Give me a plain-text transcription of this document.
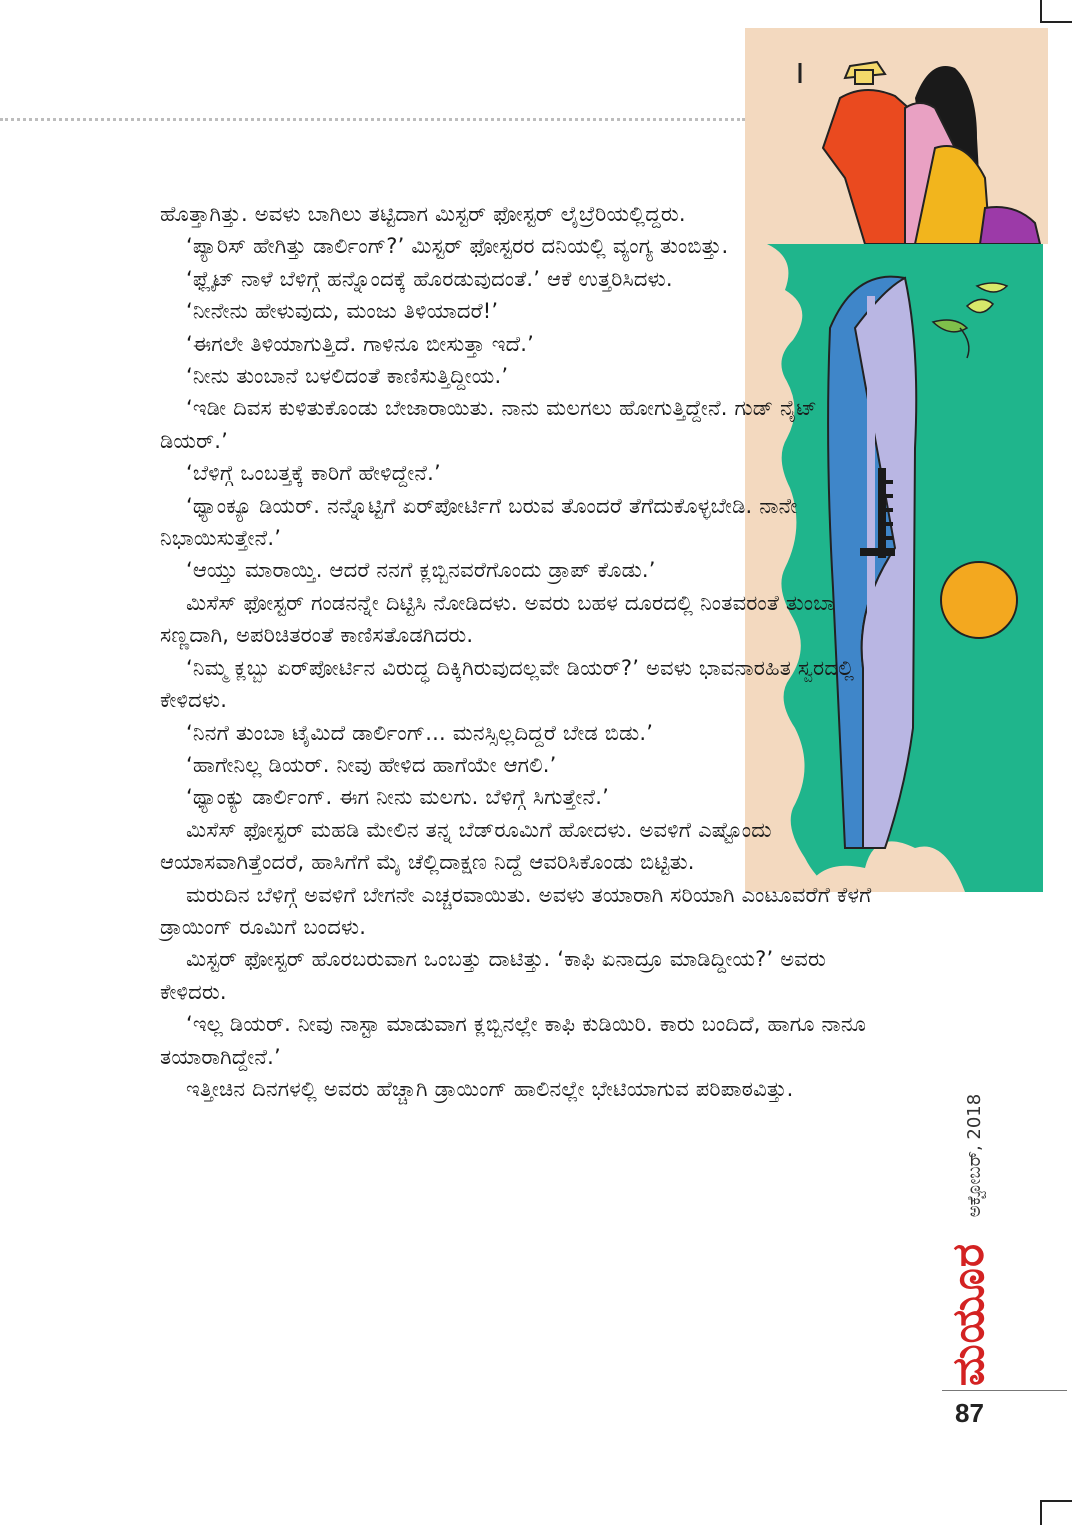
ಹೊತ್ತಾಗಿತ್ತು. ಅವಳು ಬಾಗಿಲು ತಟ್ಟಿದಾಗ ಮಿಸ್ಟರ್ ಫೋಸ್ಟರ್ ಲೈಬ್ರೆರಿಯಲ್ಲಿದ್ದರು.

‘ಪ್ಯಾರಿಸ್ ಹೇಗಿತ್ತು ಡಾರ್ಲಿಂಗ್?’ ಮಿಸ್ಟರ್ ಫೋಸ್ಟರರ ದನಿಯಲ್ಲಿ ವ್ಯಂಗ್ಯ ತುಂಬಿತ್ತು.

‘ಫ್ಲೈಟ್ ನಾಳೆ ಬೆಳಿಗ್ಗೆ ಹನ್ನೊಂದಕ್ಕೆ ಹೊರಡುವುದಂತೆ.’ ಆಕೆ ಉತ್ತರಿಸಿದಳು.

‘ನೀನೇನು ಹೇಳುವುದು, ಮಂಜು ತಿಳಿಯಾದರೆ!’

‘ಈಗಲೇ ತಿಳಿಯಾಗುತ್ತಿದೆ. ಗಾಳಿನೂ ಬೀಸುತ್ತಾ ಇದೆ.’

‘ನೀನು ತುಂಬಾನೆ ಬಳಲಿದಂತೆ ಕಾಣಿಸುತ್ತಿದ್ದೀಯ.’

‘ಇಡೀ ದಿವಸ ಕುಳಿತುಕೊಂಡು ಬೇಜಾರಾಯಿತು. ನಾನು ಮಲಗಲು ಹೋಗುತ್ತಿದ್ದೇನೆ. ಗುಡ್ ನೈಟ್ ಡಿಯರ್.’

‘ಬೆಳಿಗ್ಗೆ ಒಂಬತ್ತಕ್ಕೆ ಕಾರಿಗೆ ಹೇಳಿದ್ದೇನೆ.’

‘ಥ್ಯಾಂಕ್ಯೂ ಡಿಯರ್. ನನ್ನೊಟ್ಟಿಗೆ ಏರ್‌ಪೋರ್ಟಿಗೆ ಬರುವ ತೊಂದರೆ ತೆಗೆದುಕೊಳ್ಳಬೇಡಿ. ನಾನೇ ನಿಭಾಯಿಸುತ್ತೇನೆ.’

‘ಆಯ್ತು ಮಾರಾಯ್ತಿ. ಆದರೆ ನನಗೆ ಕ್ಲಬ್ಬಿನವರೆಗೊಂದು ಡ್ರಾಪ್ ಕೊಡು.’

ಮಿಸೆಸ್ ಫೋಸ್ಟರ್ ಗಂಡನನ್ನೇ ದಿಟ್ಟಿಸಿ ನೋಡಿದಳು. ಅವರು ಬಹಳ ದೂರದಲ್ಲಿ ನಿಂತವರಂತೆ ತುಂಬಾ ಸಣ್ಣದಾಗಿ, ಅಪರಿಚಿತರಂತೆ ಕಾಣಿಸತೊಡಗಿದರು.

‘ನಿಮ್ಮ ಕ್ಲಬ್ಬು ಏರ್‌ಪೋರ್ಟಿನ ವಿರುದ್ಧ ದಿಕ್ಕಿಗಿರುವುದಲ್ಲವೇ ಡಿಯರ್?’ ಅವಳು ಭಾವನಾರಹಿತ ಸ್ವರದಲ್ಲಿ ಕೇಳಿದಳು.

‘ನಿನಗೆ ತುಂಬಾ ಟೈಮಿದೆ ಡಾರ್ಲಿಂಗ್... ಮನಸ್ಸಿಲ್ಲದಿದ್ದರೆ ಬೇಡ ಬಿಡು.’

‘ಹಾಗೇನಿಲ್ಲ ಡಿಯರ್. ನೀವು ಹೇಳಿದ ಹಾಗೆಯೇ ಆಗಲಿ.’

‘ಥ್ಯಾಂಕ್ಯು ಡಾರ್ಲಿಂಗ್. ಈಗ ನೀನು ಮಲಗು. ಬೆಳಿಗ್ಗೆ ಸಿಗುತ್ತೇನೆ.’

ಮಿಸೆಸ್ ಫೋಸ್ಟರ್ ಮಹಡಿ ಮೇಲಿನ ತನ್ನ ಬೆಡ್‌ರೂಮಿಗೆ ಹೋದಳು. ಅವಳಿಗೆ ಎಷ್ಟೊಂದು ಆಯಾಸವಾಗಿತ್ತೆಂದರೆ, ಹಾಸಿಗೆಗೆ ಮೈ ಚೆಲ್ಲಿದಾಕ್ಷಣ ನಿದ್ದೆ ಆವರಿಸಿಕೊಂಡು ಬಿಟ್ಟಿತು.

ಮರುದಿನ ಬೆಳಿಗ್ಗೆ ಅವಳಿಗೆ ಬೇಗನೇ ಎಚ್ಚರವಾಯಿತು. ಅವಳು ತಯಾರಾಗಿ ಸರಿಯಾಗಿ ಎಂಟೂವರೆಗೆ ಕೆಳಗೆ ಡ್ರಾಯಿಂಗ್ ರೂಮಿಗೆ ಬಂದಳು.

ಮಿಸ್ಟರ್ ಫೋಸ್ಟರ್ ಹೊರಬರುವಾಗ ಒಂಬತ್ತು ದಾಟಿತ್ತು. ‘ಕಾಫಿ ಏನಾದ್ರೂ ಮಾಡಿದ್ದೀಯ?’ ಅವರು ಕೇಳಿದರು.

‘ಇಲ್ಲ ಡಿಯರ್. ನೀವು ನಾಸ್ಟಾ ಮಾಡುವಾಗ ಕ್ಲಬ್ಬಿನಲ್ಲೇ ಕಾಫಿ ಕುಡಿಯಿರಿ. ಕಾರು ಬಂದಿದೆ, ಹಾಗೂ ನಾನೂ ತಯಾರಾಗಿದ್ದೇನೆ.’

ಇತ್ತೀಚಿನ ದಿನಗಳಲ್ಲಿ ಅವರು ಹೆಚ್ಚಾಗಿ ಡ್ರಾಯಿಂಗ್ ಹಾಲಿನಲ್ಲೇ ಭೇಟಿಯಾಗುವ ಪರಿಪಾಠವಿತ್ತು.

ಅಕ್ಟೋಬರ್, 2018
ಮಯೂರ
87
